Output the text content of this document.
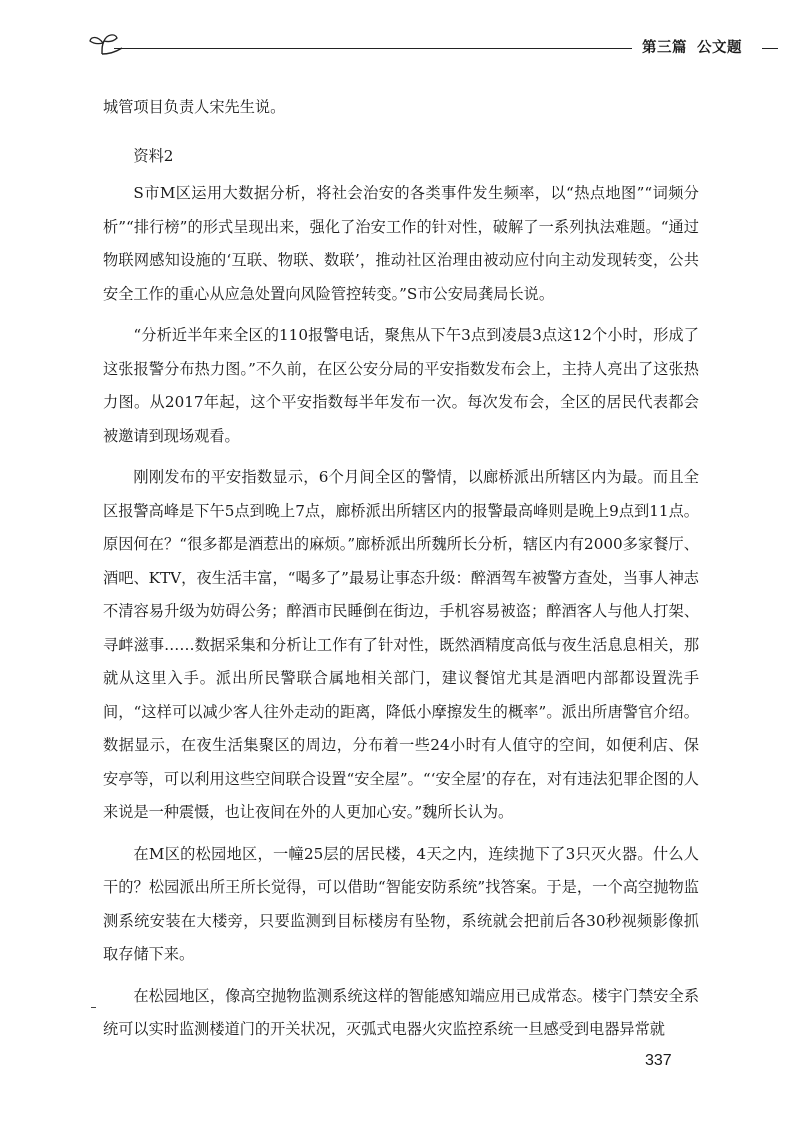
第三篇 公文题

城管项目负责人宋先生说。

资料2

S市M区运用大数据分析，将社会治安的各类事件发生频率，以“热点地图”“词频分析”“排行榜”的形式呈现出来，强化了治安工作的针对性，破解了一系列执法难题。“通过物联网感知设施的‘互联、物联、数联’，推动社区治理由被动应付向主动发现转变，公共安全工作的重心从应急处置向风险管控转变。”S市公安局龚局长说。

“分析近半年来全区的110报警电话，聚焦从下午3点到凌晨3点这12个小时，形成了这张报警分布热力图。”不久前，在区公安分局的平安指数发布会上，主持人亮出了这张热力图。从2017年起，这个平安指数每半年发布一次。每次发布会，全区的居民代表都会被邀请到现场观看。

刚刚发布的平安指数显示，6个月间全区的警情，以廊桥派出所辖区内为最。而且全区报警高峰是下午5点到晚上7点，廊桥派出所辖区内的报警最高峰则是晚上9点到11点。原因何在？“很多都是酒惹出的麻烦。”廊桥派出所魏所长分析，辖区内有2000多家餐厅、酒吧、KTV，夜生活丰富，“喝多了”最易让事态升级：醉酒驾车被警方查处，当事人神志不清容易升级为妨碍公务；醉酒市民睡倒在街边，手机容易被盗；醉酒客人与他人打架、寻衅滋事……数据采集和分析让工作有了针对性，既然酒精度高低与夜生活息息相关，那就从这里入手。派出所民警联合属地相关部门，建议餐馆尤其是酒吧内部都设置洗手间，“这样可以减少客人往外走动的距离，降低小摩擦发生的概率”。派出所唐警官介绍。数据显示，在夜生活集聚区的周边，分布着一些24小时有人值守的空间，如便利店、保安亭等，可以利用这些空间联合设置“安全屋”。“‘安全屋’的存在，对有违法犯罪企图的人来说是一种震慑，也让夜间在外的人更加心安。”魏所长认为。

在M区的松园地区，一幢25层的居民楼，4天之内，连续抛下了3只灭火器。什么人干的？松园派出所王所长觉得，可以借助“智能安防系统”找答案。于是，一个高空抛物监测系统安装在大楼旁，只要监测到目标楼房有坠物，系统就会把前后各30秒视频影像抓取存储下来。

在松园地区，像高空抛物监测系统这样的智能感知端应用已成常态。楼宇门禁安全系统可以实时监测楼道门的开关状况，灭弧式电器火灾监控系统一旦感受到电器异常就

337
